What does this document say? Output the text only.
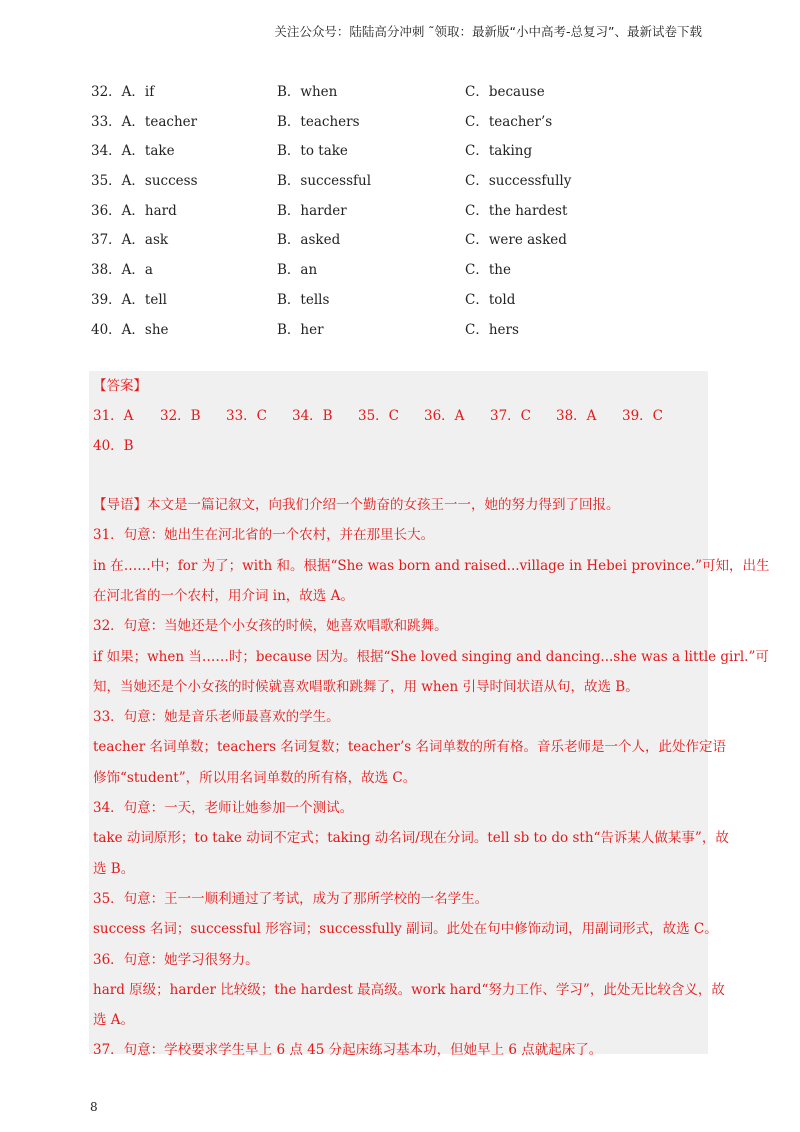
关注公众号：陆陆高分冲刺 ˜领取：最新版“小中高考-总复习”、最新试卷下载
32．A．if	B．when	C．because
33．A．teacher	B．teachers	C．teacher’s
34．A．take	B．to take	C．taking
35．A．success	B．successful	C．successfully
36．A．hard	B．harder	C．the hardest
37．A．ask	B．asked	C．were asked
38．A．a	B．an	C．the
39．A．tell	B．tells	C．told
40．A．she	B．her	C．hers
【答案】
31．A 32．B 33．C 34．B 35．C 36．A 37．C 38．A 39．C
40．B
【导语】本文是一篇记叙文，向我们介绍一个勤奋的女孩王一一，她的努力得到了回报。
31．句意：她出生在河北省的一个农村，并在那里长大。
in 在……中；for 为了；with 和。根据“She was born and raised...village in Hebei province.”可知，出生
在河北省的一个农村，用介词 in，故选 A。
32．句意：当她还是个小女孩的时候，她喜欢唱歌和跳舞。
if 如果；when 当……时；because 因为。根据“She loved singing and dancing...she was a little girl.”可
知，当她还是个小女孩的时候就喜欢唱歌和跳舞了，用 when 引导时间状语从句，故选 B。
33．句意：她是音乐老师最喜欢的学生。
teacher 名词单数；teachers 名词复数；teacher’s 名词单数的所有格。音乐老师是一个人，此处作定语
修饰“student”，所以用名词单数的所有格，故选 C。
34．句意：一天，老师让她参加一个测试。
take 动词原形；to take 动词不定式；taking 动名词/现在分词。tell sb to do sth“告诉某人做某事”，故
选 B。
35．句意：王一一顺利通过了考试，成为了那所学校的一名学生。
success 名词；successful 形容词；successfully 副词。此处在句中修饰动词，用副词形式，故选 C。
36．句意：她学习很努力。
hard 原级；harder 比较级；the hardest 最高级。work hard“努力工作、学习”，此处无比较含义，故
选 A。
37．句意：学校要求学生早上 6 点 45 分起床练习基本功，但她早上 6 点就起床了。
8
